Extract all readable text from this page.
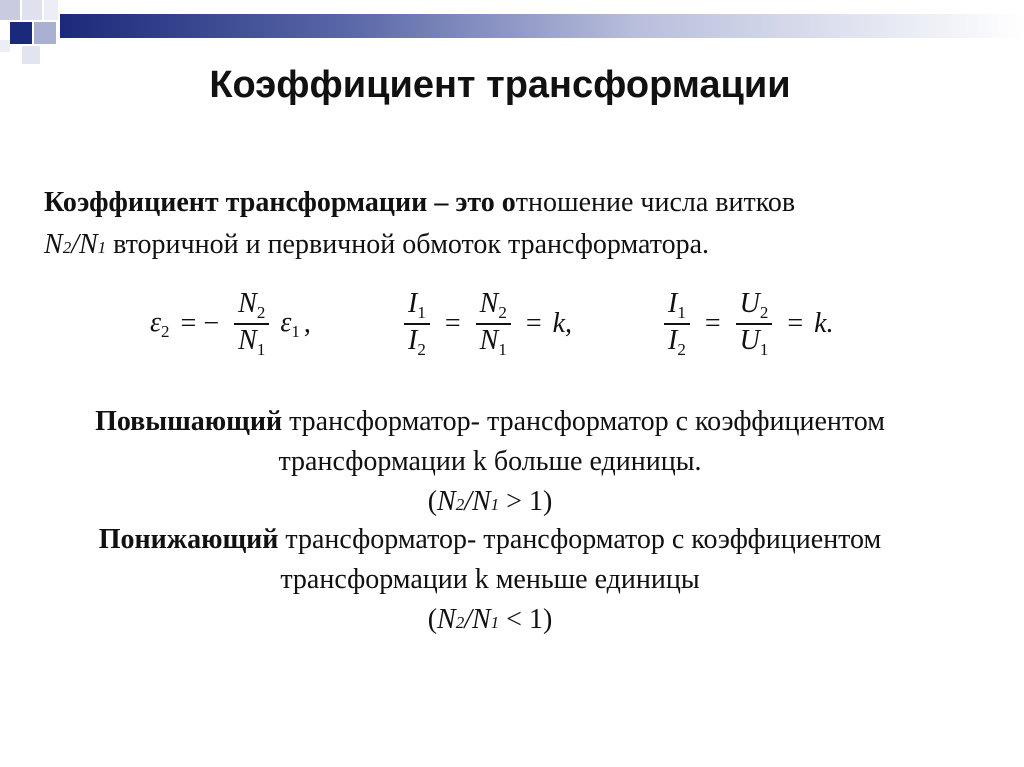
Коэффициент трансформации
Коэффициент трансформации – это отношение числа витков
N2/N1 вторичной и первичной обмоток трансформатора.
$\varepsilon_2$ = − $\frac{N_2}{N_1} \varepsilon_1$ ,	$\frac{I_1}{I_2} = \frac{N_2}{N_1} = k$,	$\frac{I_1}{I_2} = \frac{U_2}{U_1} = k$.
Повышающий трансформатор- трансформатор с коэффициентом трансформации k больше единицы.
(N2/N1 > 1)
Понижающий трансформатор- трансформатор с коэффициентом трансформации k меньше единицы
(N2/N1 < 1)
